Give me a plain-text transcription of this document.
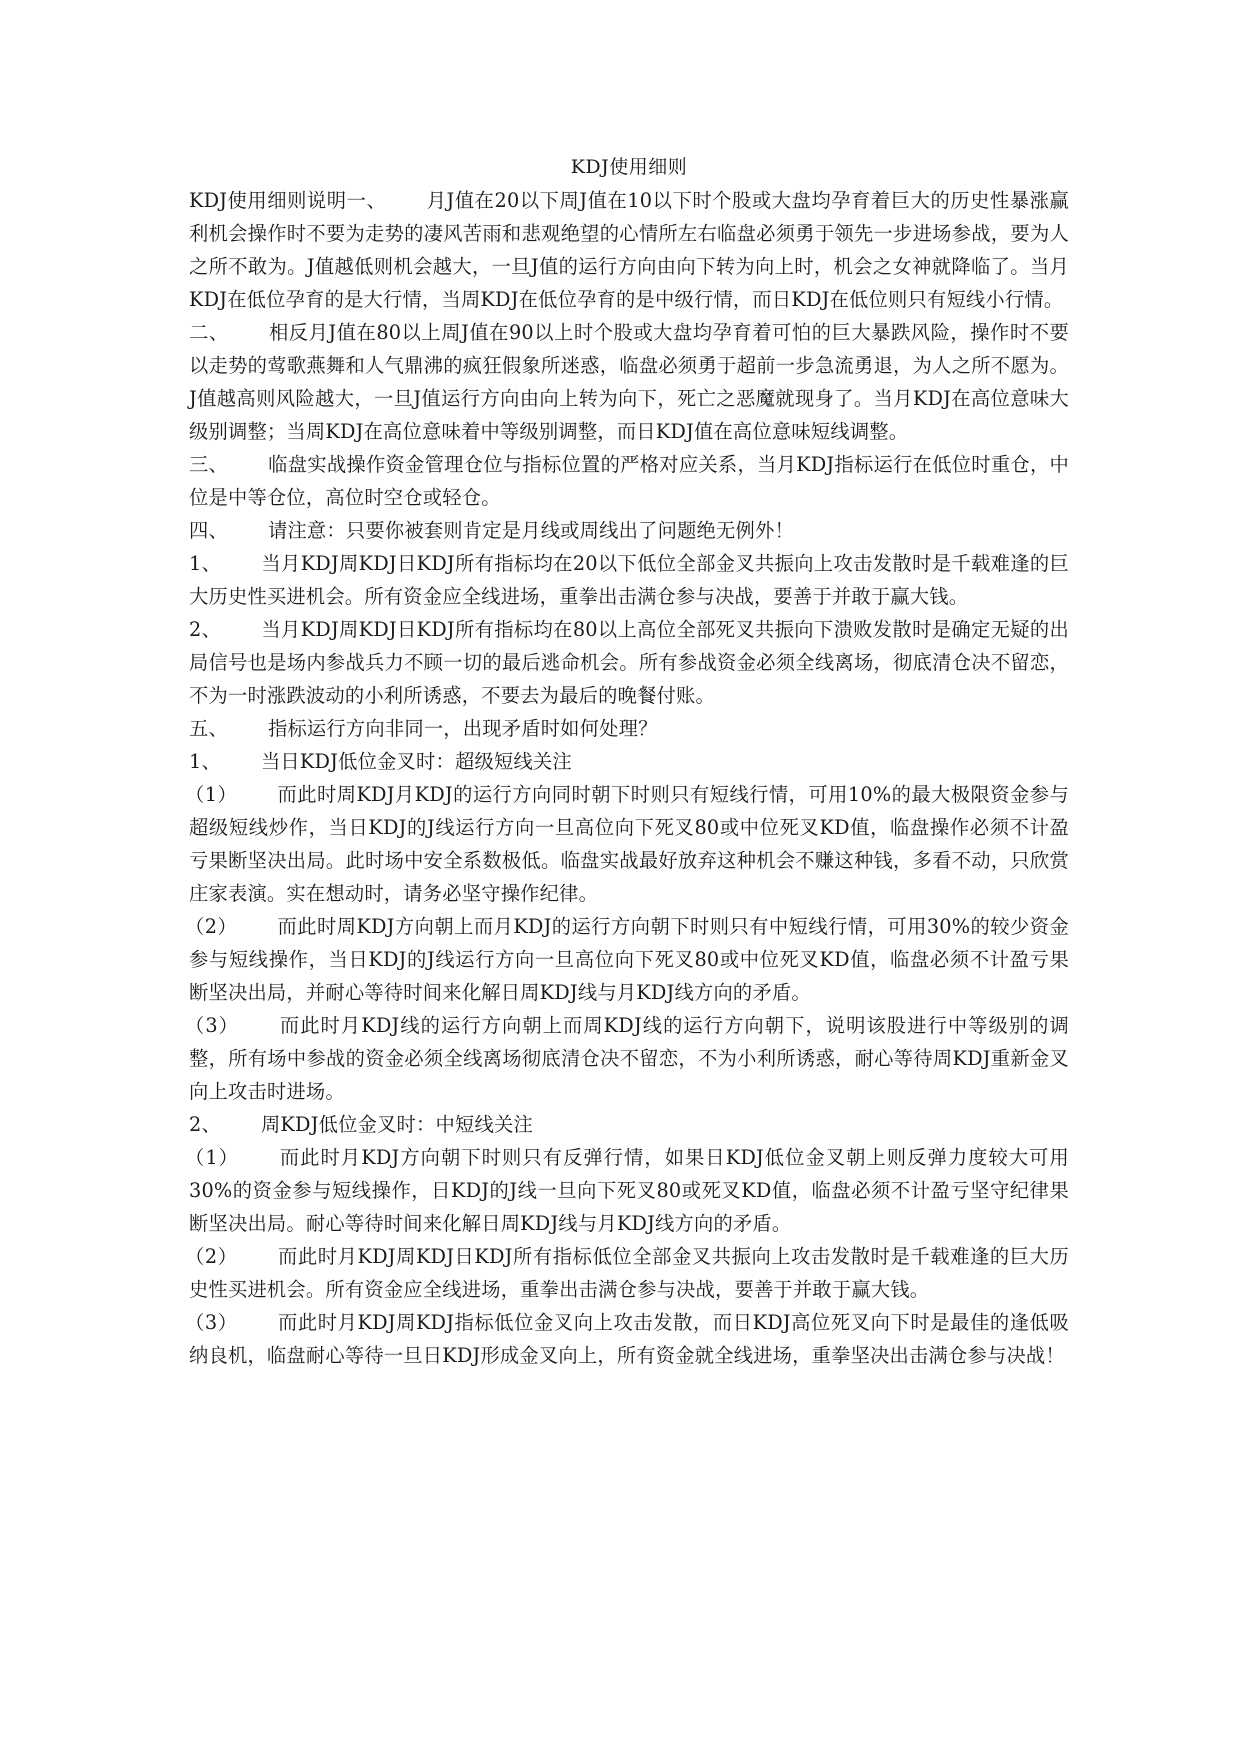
KDJ使用细则

KDJ使用细则说明一、 月J值在20以下周J值在10以下时个股或大盘均孕育着巨大的历史性暴涨赢利机会操作时不要为走势的凄风苦雨和悲观绝望的心情所左右临盘必须勇于领先一步进场参战，要为人之所不敢为。J值越低则机会越大，一旦J值的运行方向由向下转为向上时，机会之女神就降临了。当月KDJ在低位孕育的是大行情，当周KDJ在低位孕育的是中级行情，而日KDJ在低位则只有短线小行情。

二、 相反月J值在80以上周J值在90以上时个股或大盘均孕育着可怕的巨大暴跌风险，操作时不要以走势的莺歌燕舞和人气鼎沸的疯狂假象所迷惑，临盘必须勇于超前一步急流勇退，为人之所不愿为。J值越高则风险越大，一旦J值运行方向由向上转为向下，死亡之恶魔就现身了。当月KDJ在高位意味大级别调整；当周KDJ在高位意味着中等级别调整，而日KDJ值在高位意味短线调整。

三、 临盘实战操作资金管理仓位与指标位置的严格对应关系，当月KDJ指标运行在低位时重仓，中位是中等仓位，高位时空仓或轻仓。

四、 请注意：只要你被套则肯定是月线或周线出了问题绝无例外！

1、 当月KDJ周KDJ日KDJ所有指标均在20以下低位全部金叉共振向上攻击发散时是千载难逢的巨大历史性买进机会。所有资金应全线进场，重拳出击满仓参与决战，要善于并敢于赢大钱。

2、 当月KDJ周KDJ日KDJ所有指标均在80以上高位全部死叉共振向下溃败发散时是确定无疑的出局信号也是场内参战兵力不顾一切的最后逃命机会。所有参战资金必须全线离场，彻底清仓决不留恋，不为一时涨跌波动的小利所诱惑，不要去为最后的晚餐付账。

五、 指标运行方向非同一，出现矛盾时如何处理？

1、 当日KDJ低位金叉时：超级短线关注

（1） 而此时周KDJ月KDJ的运行方向同时朝下时则只有短线行情，可用10%的最大极限资金参与超级短线炒作，当日KDJ的J线运行方向一旦高位向下死叉80或中位死叉KD值，临盘操作必须不计盈亏果断坚决出局。此时场中安全系数极低。临盘实战最好放弃这种机会不赚这种钱，多看不动，只欣赏庄家表演。实在想动时，请务必坚守操作纪律。

（2） 而此时周KDJ方向朝上而月KDJ的运行方向朝下时则只有中短线行情，可用30%的较少资金参与短线操作，当日KDJ的J线运行方向一旦高位向下死叉80或中位死叉KD值，临盘必须不计盈亏果断坚决出局，并耐心等待时间来化解日周KDJ线与月KDJ线方向的矛盾。

（3） 而此时月KDJ线的运行方向朝上而周KDJ线的运行方向朝下，说明该股进行中等级别的调整，所有场中参战的资金必须全线离场彻底清仓决不留恋，不为小利所诱惑，耐心等待周KDJ重新金叉向上攻击时进场。

2、 周KDJ低位金叉时：中短线关注

（1） 而此时月KDJ方向朝下时则只有反弹行情，如果日KDJ低位金叉朝上则反弹力度较大可用30%的资金参与短线操作，日KDJ的J线一旦向下死叉80或死叉KD值，临盘必须不计盈亏坚守纪律果断坚决出局。耐心等待时间来化解日周KDJ线与月KDJ线方向的矛盾。

（2） 而此时月KDJ周KDJ日KDJ所有指标低位全部金叉共振向上攻击发散时是千载难逢的巨大历史性买进机会。所有资金应全线进场，重拳出击满仓参与决战，要善于并敢于赢大钱。

（3） 而此时月KDJ周KDJ指标低位金叉向上攻击发散，而日KDJ高位死叉向下时是最佳的逢低吸纳良机，临盘耐心等待一旦日KDJ形成金叉向上，所有资金就全线进场，重拳坚决出击满仓参与决战！
